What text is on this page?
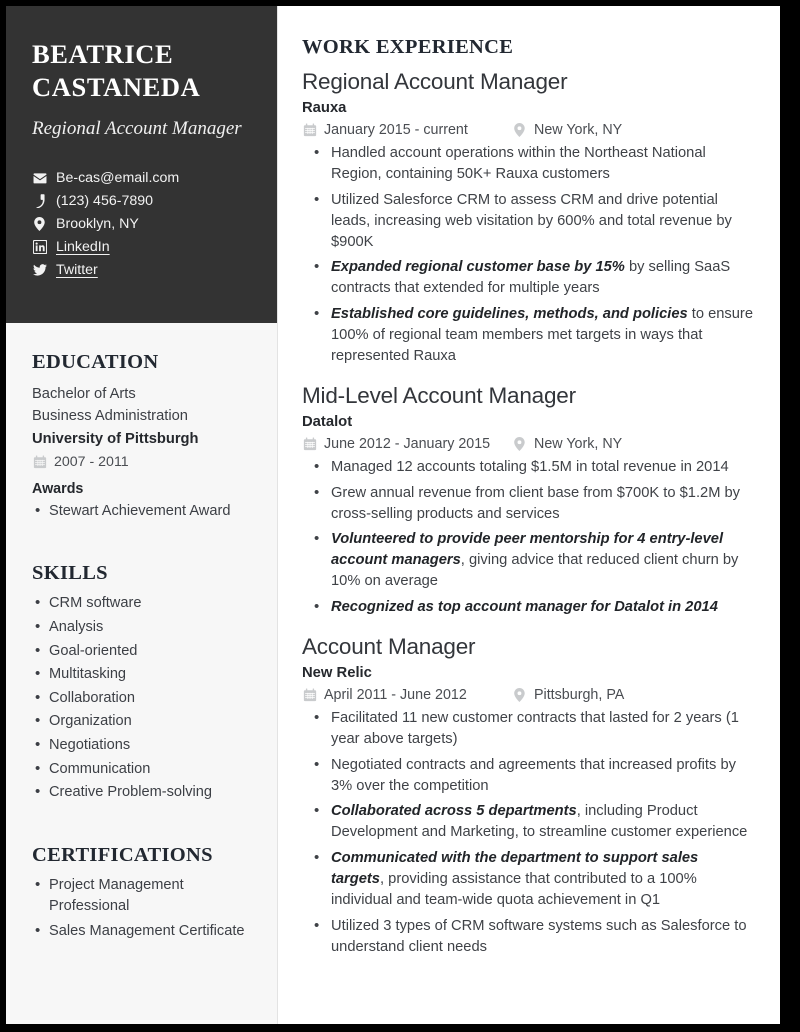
BEATRICE CASTANEDA
Regional Account Manager
Be-cas@email.com
(123) 456-7890
Brooklyn, NY
LinkedIn
Twitter
EDUCATION
Bachelor of Arts
Business Administration
University of Pittsburgh
2007 - 2011
Awards
• Stewart Achievement Award
SKILLS
• CRM software
• Analysis
• Goal-oriented
• Multitasking
• Collaboration
• Organization
• Negotiations
• Communication
• Creative Problem-solving
CERTIFICATIONS
• Project Management Professional
• Sales Management Certificate
WORK EXPERIENCE
Regional Account Manager
Rauxa
January 2015 - current	New York, NY
• Handled account operations within the Northeast National Region, containing 50K+ Rauxa customers
• Utilized Salesforce CRM to assess CRM and drive potential leads, increasing web visitation by 600% and total revenue by $900K
• Expanded regional customer base by 15% by selling SaaS contracts that extended for multiple years
• Established core guidelines, methods, and policies to ensure 100% of regional team members met targets in ways that represented Rauxa
Mid-Level Account Manager
Datalot
June 2012 - January 2015	New York, NY
• Managed 12 accounts totaling $1.5M in total revenue in 2014
• Grew annual revenue from client base from $700K to $1.2M by cross-selling products and services
• Volunteered to provide peer mentorship for 4 entry-level account managers, giving advice that reduced client churn by 10% on average
• Recognized as top account manager for Datalot in 2014
Account Manager
New Relic
April 2011 - June 2012	Pittsburgh, PA
• Facilitated 11 new customer contracts that lasted for 2 years (1 year above targets)
• Negotiated contracts and agreements that increased profits by 3% over the competition
• Collaborated across 5 departments, including Product Development and Marketing, to streamline customer experience
• Communicated with the department to support sales targets, providing assistance that contributed to a 100% individual and team-wide quota achievement in Q1
• Utilized 3 types of CRM software systems such as Salesforce to understand client needs
